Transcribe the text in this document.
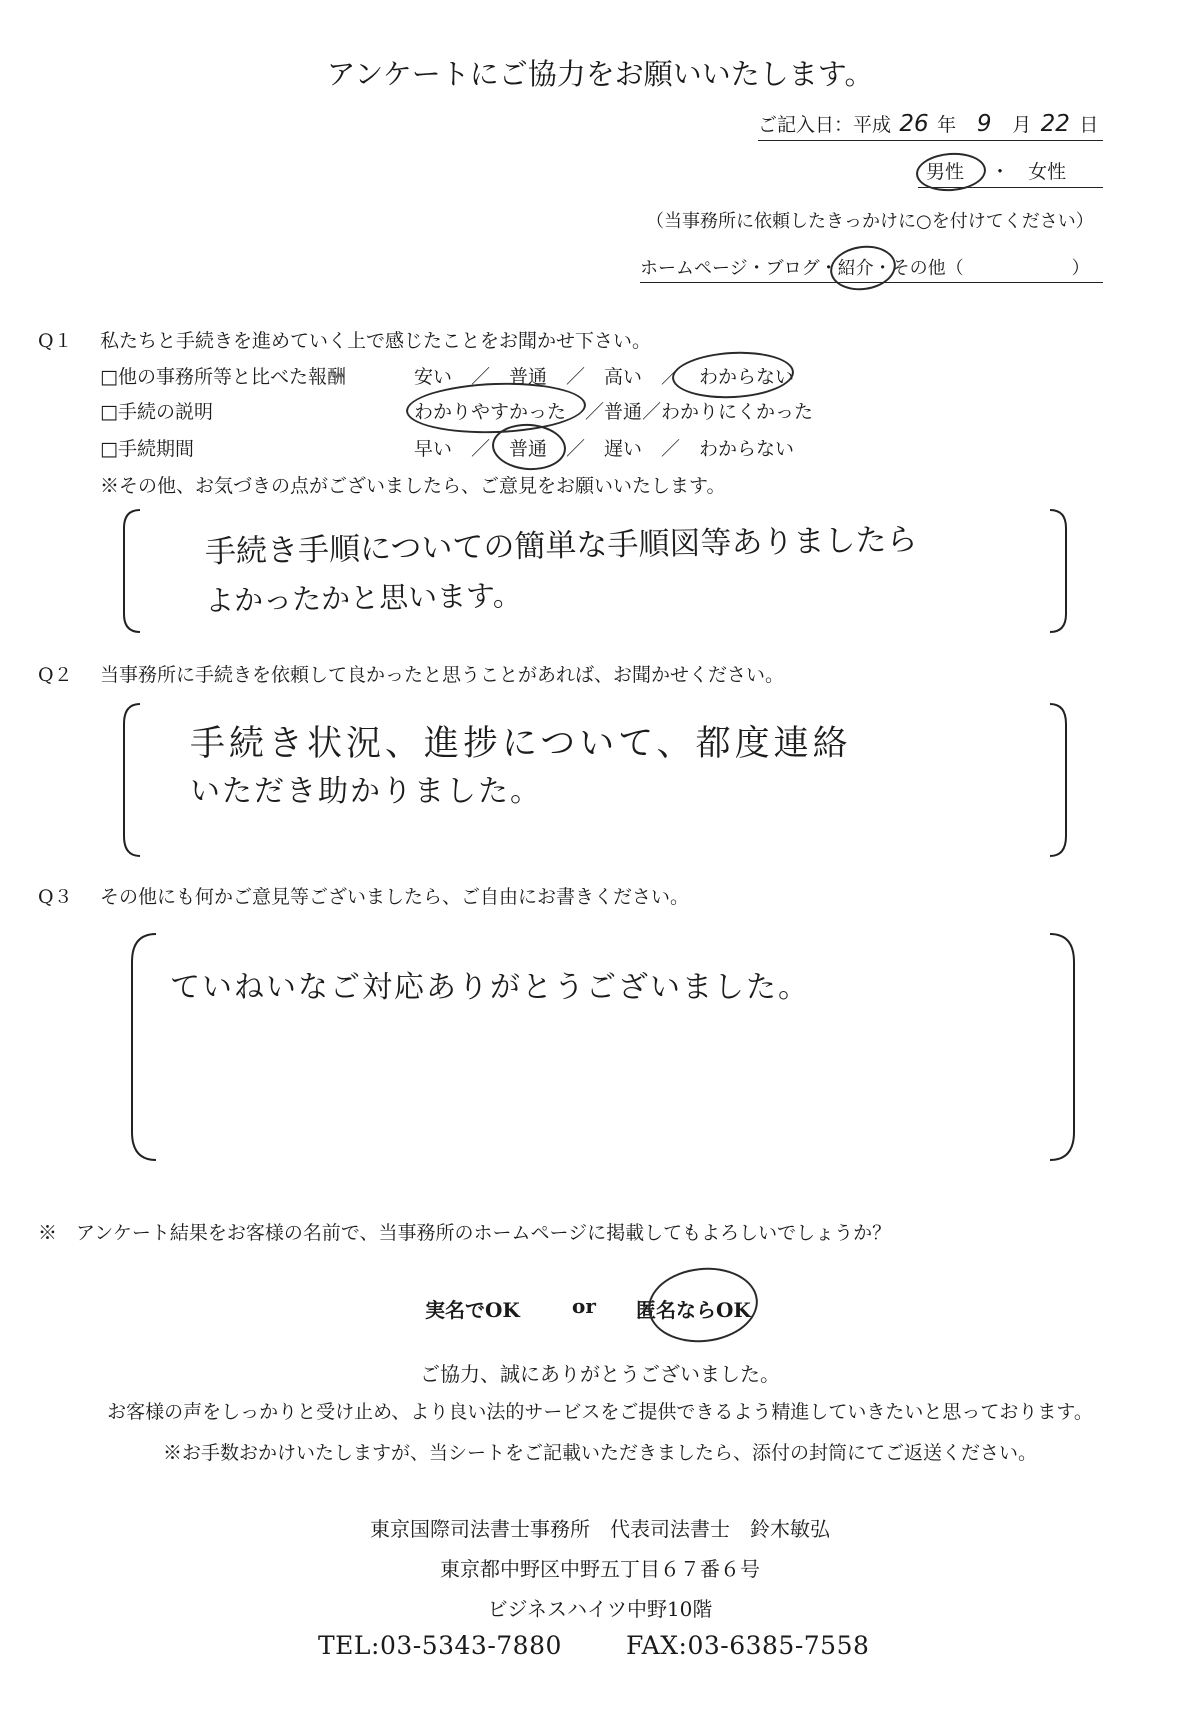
アンケートにご協力をお願いいたします。
ご記入日：平成 26 年 9 月 22 日
男性 ・ 女性
（当事務所に依頼したきっかけに○を付けてください）
ホームページ・ブログ・紹介・その他（　　　　　　）
Q１ 私たちと手続きを進めていく上で感じたことをお聞かせ下さい。
□他の事務所等と比べた報酬	安い　／　普通　／　高い　／　わからない
□手続の説明	わかりやすかった　／普通／わかりにくかった
□手続期間	早い　／　普通　／　遅い　／　わからない
※その他、お気づきの点がございましたら、ご意見をお願いいたします。
手続き手順についての簡単な手順図等ありましたら
よかったかと思います。
Q２ 当事務所に手続きを依頼して良かったと思うことがあれば、お聞かせください。
手続き状況、進捗について、都度連絡
いただき助かりました。
Q３ その他にも何かご意見等ございましたら、ご自由にお書きください。
ていねいなご対応ありがとうございました。
※　アンケート結果をお客様の名前で、当事務所のホームページに掲載してもよろしいでしょうか？
実名でOK	or 匿名ならOK
ご協力、誠にありがとうございました。
お客様の声をしっかりと受け止め、より良い法的サービスをご提供できるよう精進していきたいと思っております。
※お手数おかけいたしますが、当シートをご記載いただきましたら、添付の封筒にてご返送ください。
東京国際司法書士事務所　代表司法書士　鈴木敏弘
東京都中野区中野五丁目６７番６号
ビジネスハイツ中野10階
TEL:03-5343-7880	FAX:03-6385-7558
